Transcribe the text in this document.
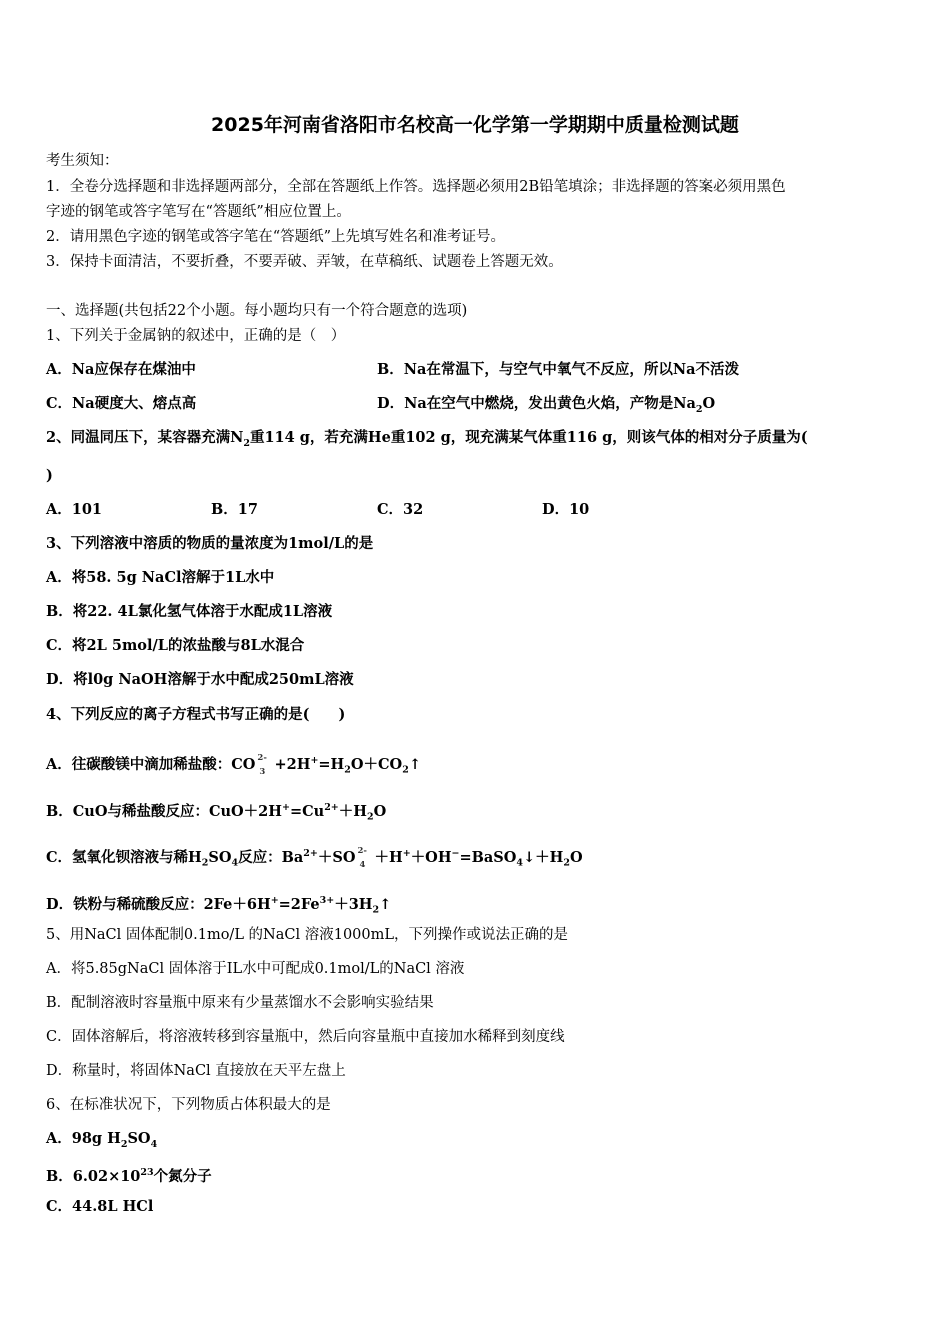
2025年河南省洛阳市名校高一化学第一学期期中质量检测试题
考生须知：
1．全卷分选择题和非选择题两部分，全部在答题纸上作答。选择题必须用2B铅笔填涂；非选择题的答案必须用黑色
字迹的钢笔或答字笔写在“答题纸”相应位置上。
2．请用黑色字迹的钢笔或答字笔在“答题纸”上先填写姓名和准考证号。
3．保持卡面清洁，不要折叠，不要弄破、弄皱，在草稿纸、试题卷上答题无效。
一、选择题(共包括22个小题。每小题均只有一个符合题意的选项)
1、下列关于金属钠的叙述中，正确的是（　）
A．Na应保存在煤油中	B．Na在常温下，与空气中氧气不反应，所以Na不活泼
C．Na硬度大、熔点高	D．Na在空气中燃烧，发出黄色火焰，产物是$Na_2O$
2、同温同压下，某容器充满$N_2$重114 g，若充满He重102 g，现充满某气体重116 g，则该气体的相对分子质量为(
)
A．101	B．17	C．32	D．10
3、下列溶液中溶质的物质的量浓度为1mol/L的是
A．将58. 5g NaCl溶解于1L水中
B．将22. 4L氯化氢气体溶于水配成1L溶液
C．将2L 5mol/L的浓盐酸与8L水混合
D．将l0g NaOH溶解于水中配成250mL溶液
4、下列反应的离子方程式书写正确的是(　　)
A．往碳酸镁中滴加稀盐酸：CO 2-
$3 +2H^+=H_2O+CO_2↑$
B．CuO与稀盐酸反应：$CuO+2H^+=Cu^{2+}+H_2O$
C．氢氧化钡溶液与稀$H_2SO_4$反应：$Ba^{2+}+SO$ 2-
$4 +H^++OH^-=BaSO_4↓+H_2O$
D．铁粉与稀硫酸反应：$2Fe+6H^+=2Fe^{3+}+3H_2↑$
5、用NaCl 固体配制0.1mo/L 的NaCl 溶液1000mL，下列操作或说法正确的是
A．将5.85gNaCl 固体溶于IL水中可配成0.1mol/L的NaCl 溶液
B．配制溶液时容量瓶中原来有少量蒸馏水不会影响实验结果
C．固体溶解后，将溶液转移到容量瓶中，然后向容量瓶中直接加水稀释到刻度线
D．称量时，将固体NaCl 直接放在天平左盘上
6、在标准状况下，下列物质占体积最大的是
A．98g $H_2SO_4$
B．$6.02\times 10^{23}$个氮分子
C．44.8L HCl
